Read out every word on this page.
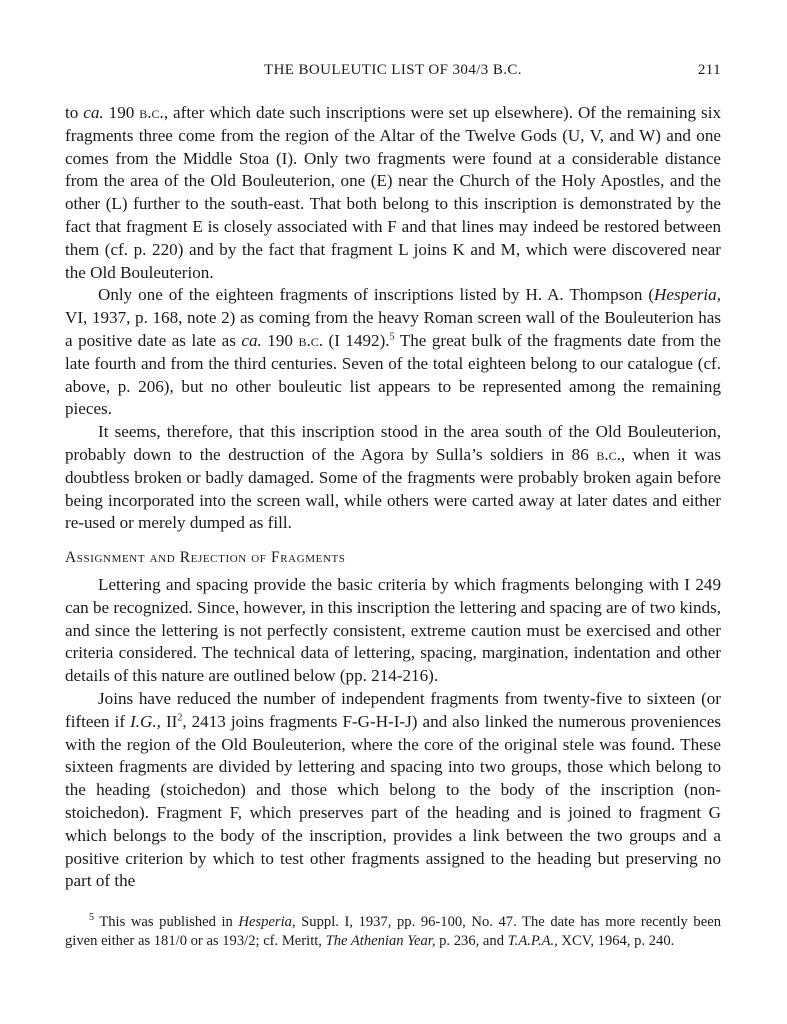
THE BOULEUTIC LIST OF 304/3 B.C.	211

to ca. 190 b.c., after which date such inscriptions were set up elsewhere). Of the remaining six fragments three come from the region of the Altar of the Twelve Gods (U, V, and W) and one comes from the Middle Stoa (I). Only two fragments were found at a considerable distance from the area of the Old Bouleuterion, one (E) near the Church of the Holy Apostles, and the other (L) further to the south-east. That both belong to this inscription is demonstrated by the fact that fragment E is closely associated with F and that lines may indeed be restored between them (cf. p. 220) and by the fact that fragment L joins K and M, which were discovered near the Old Bouleuterion.

Only one of the eighteen fragments of inscriptions listed by H. A. Thompson (Hesperia, VI, 1937, p. 168, note 2) as coming from the heavy Roman screen wall of the Bouleuterion has a positive date as late as ca. 190 b.c. (I 1492).$^5$ The great bulk of the fragments date from the late fourth and from the third centuries. Seven of the total eighteen belong to our catalogue (cf. above, p. 206), but no other bouleutic list appears to be represented among the remaining pieces.

It seems, therefore, that this inscription stood in the area south of the Old Bouleuterion, probably down to the destruction of the Agora by Sulla’s soldiers in 86 b.c., when it was doubtless broken or badly damaged. Some of the fragments were probably broken again before being incorporated into the screen wall, while others were carted away at later dates and either re-used or merely dumped as fill.

Assignment and Rejection of Fragments

Lettering and spacing provide the basic criteria by which fragments belonging with I 249 can be recognized. Since, however, in this inscription the lettering and spacing are of two kinds, and since the lettering is not perfectly consistent, extreme caution must be exercised and other criteria considered. The technical data of lettering, spacing, margination, indentation and other details of this nature are outlined below (pp. 214-216).

Joins have reduced the number of independent fragments from twenty-five to sixteen (or fifteen if I.G., $II^2$, 2413 joins fragments F-G-H-I-J) and also linked the numerous proveniences with the region of the Old Bouleuterion, where the core of the original stele was found. These sixteen fragments are divided by lettering and spacing into two groups, those which belong to the heading (stoichedon) and those which belong to the body of the inscription (non-stoichedon). Fragment F, which preserves part of the heading and is joined to fragment G which belongs to the body of the inscription, provides a link between the two groups and a positive criterion by which to test other fragments assigned to the heading but preserving no part of the

$^5$ This was published in Hesperia, Suppl. I, 1937, pp. 96-100, No. 47. The date has more recently been given either as 181/0 or as 193/2; cf. Meritt, The Athenian Year, p. 236, and T.A.P.A., XCV, 1964, p. 240.
